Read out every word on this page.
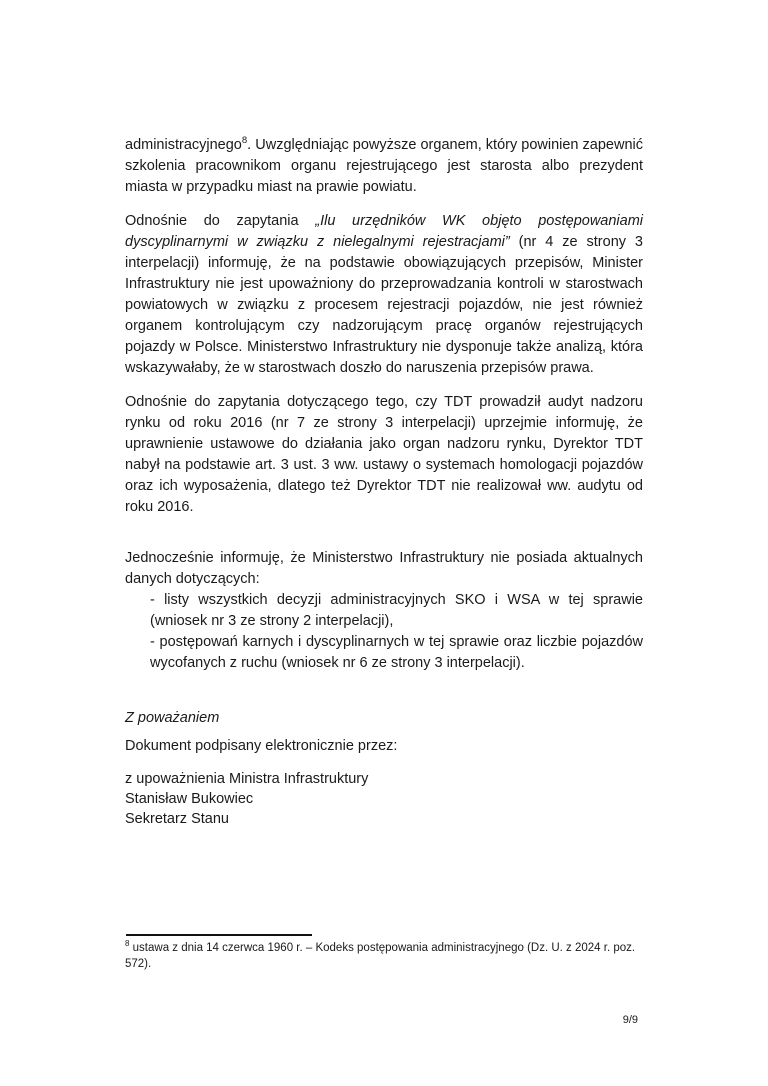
administracyjnego$^8$. Uwzględniając powyższe organem, który powinien zapewnić szkolenia pracownikom organu rejestrującego jest starosta albo prezydent miasta w przypadku miast na prawie powiatu.

Odnośnie do zapytania „Ilu urzędników WK objęto postępowaniami dyscyplinarnymi w związku z nielegalnymi rejestracjami” (nr 4 ze strony 3 interpelacji) informuję, że na podstawie obowiązujących przepisów, Minister Infrastruktury nie jest upoważniony do przeprowadzania kontroli w starostwach powiatowych w związku z procesem rejestracji pojazdów, nie jest również organem kontrolującym czy nadzorującym pracę organów rejestrujących pojazdy w Polsce. Ministerstwo Infrastruktury nie dysponuje także analizą, która wskazywałaby, że w starostwach doszło do naruszenia przepisów prawa.

Odnośnie do zapytania dotyczącego tego, czy TDT prowadził audyt nadzoru rynku od roku 2016 (nr 7 ze strony 3 interpelacji) uprzejmie informuję, że uprawnienie ustawowe do działania jako organ nadzoru rynku, Dyrektor TDT nabył na podstawie art. 3 ust. 3 ww. ustawy o systemach homologacji pojazdów oraz ich wyposażenia, dlatego też Dyrektor TDT nie realizował ww. audytu od roku 2016.

Jednocześnie informuję, że Ministerstwo Infrastruktury nie posiada aktualnych danych dotyczących:

- listy wszystkich decyzji administracyjnych SKO i WSA w tej sprawie (wniosek nr 3 ze strony 2 interpelacji),

- postępowań karnych i dyscyplinarnych w tej sprawie oraz liczbie pojazdów wycofanych z ruchu (wniosek nr 6 ze strony 3 interpelacji).

Z poważaniem

Dokument podpisany elektronicznie przez:

z upoważnienia Ministra Infrastruktury
Stanisław Bukowiec
Sekretarz Stanu
$^8$ ustawa z dnia 14 czerwca 1960 r. – Kodeks postępowania administracyjnego (Dz. U. z 2024 r. poz. 572).
9/9
